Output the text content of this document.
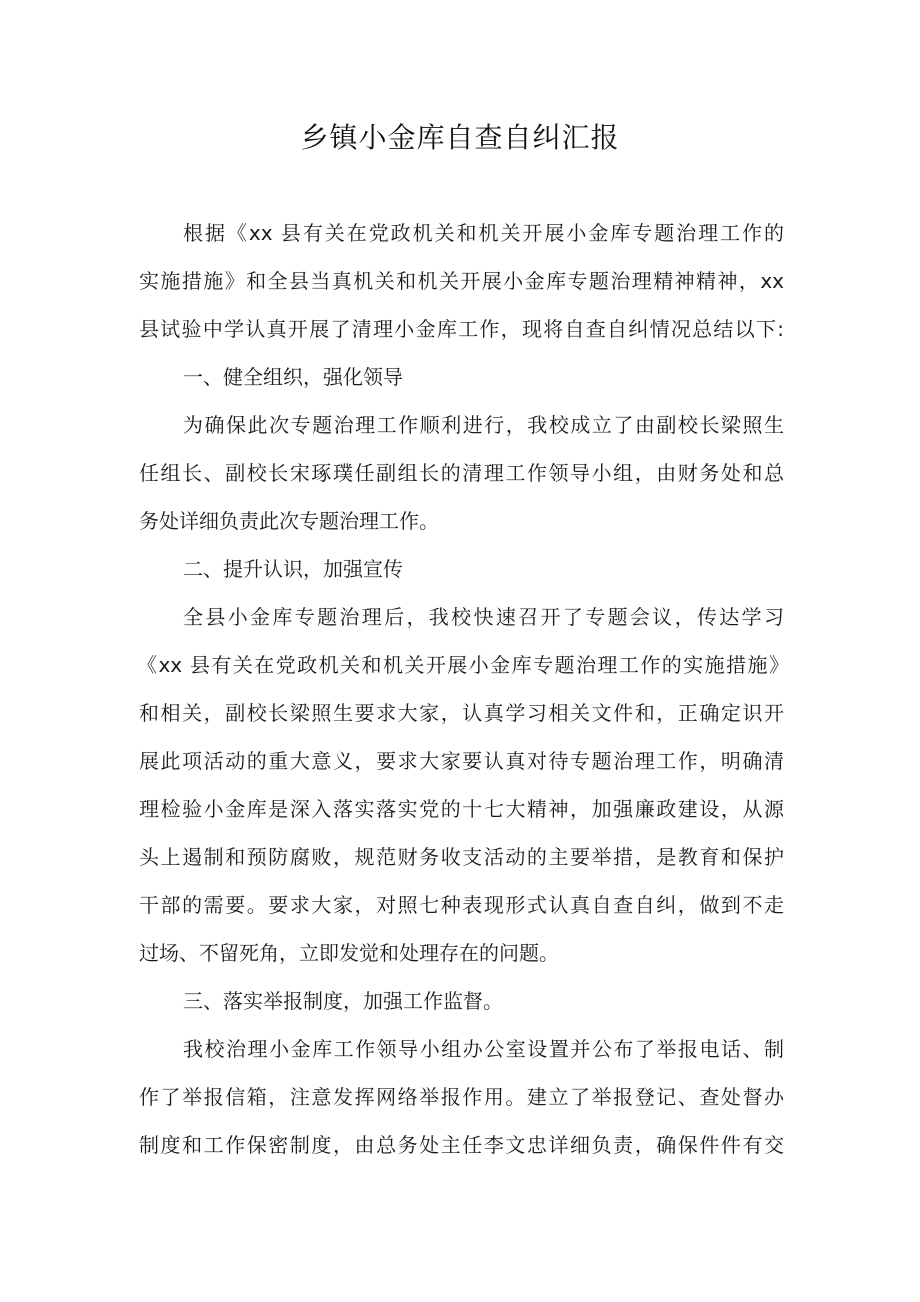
乡镇小金库自查自纠汇报
根据《xx 县有关在党政机关和机关开展小金库专题治理工作的
实施措施》和全县当真机关和机关开展小金库专题治理精神精神，xx
县试验中学认真开展了清理小金库工作，现将自查自纠情况总结以下:
一、健全组织，强化领导
为确保此次专题治理工作顺利进行，我校成立了由副校长梁照生
任组长、副校长宋琢璞任副组长的清理工作领导小组，由财务处和总
务处详细负责此次专题治理工作。
二、提升认识，加强宣传
全县小金库专题治理后，我校快速召开了专题会议，传达学习
《xx 县有关在党政机关和机关开展小金库专题治理工作的实施措施》
和相关，副校长梁照生要求大家，认真学习相关文件和，正确定识开
展此项活动的重大意义，要求大家要认真对待专题治理工作，明确清
理检验小金库是深入落实落实党的十七大精神，加强廉政建设，从源
头上遏制和预防腐败，规范财务收支活动的主要举措，是教育和保护
干部的需要。要求大家，对照七种表现形式认真自查自纠，做到不走
过场、不留死角，立即发觉和处理存在的问题。
三、落实举报制度，加强工作监督。
我校治理小金库工作领导小组办公室设置并公布了举报电话、制
作了举报信箱，注意发挥网络举报作用。建立了举报登记、查处督办
制度和工作保密制度，由总务处主任李文忠详细负责，确保件件有交
